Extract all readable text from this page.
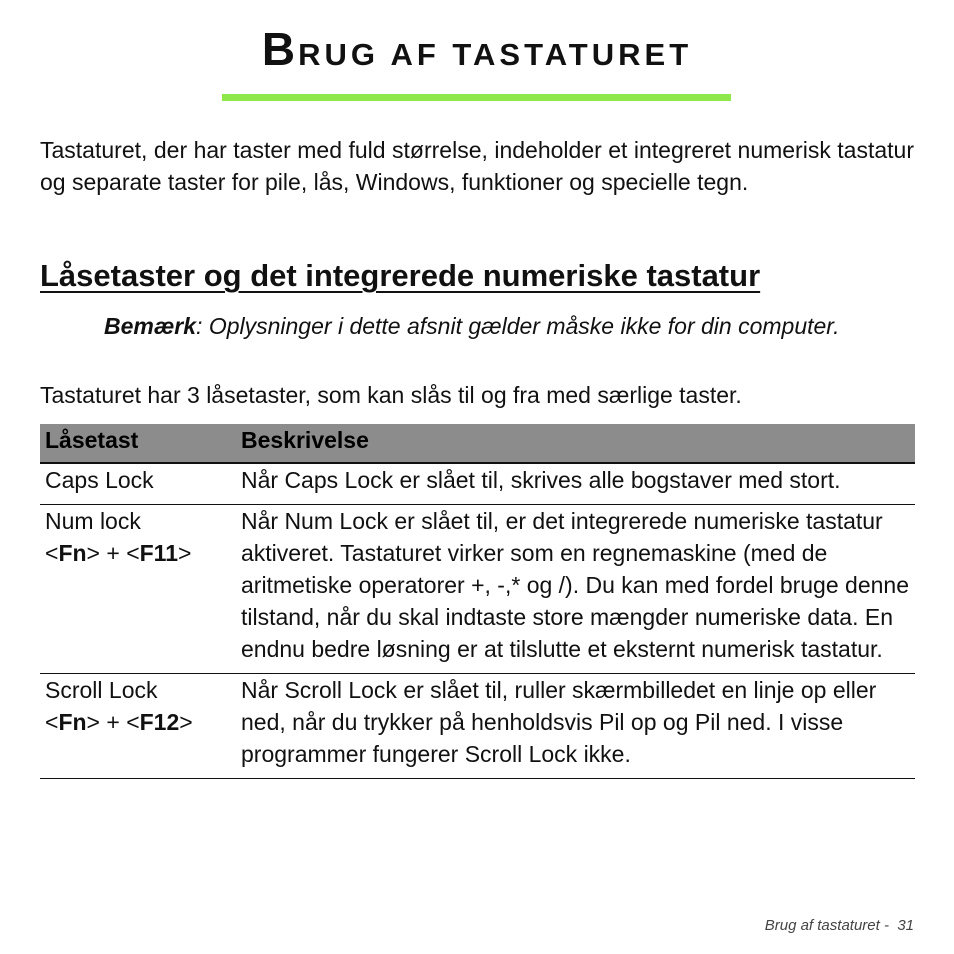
BRUG AF TASTATURET

Tastaturet, der har taster med fuld størrelse, indeholder et integreret numerisk tastatur og separate taster for pile, lås, Windows, funktioner og specielle tegn.

Låsetaster og det integrerede numeriske tastatur

Bemærk: Oplysninger i dette afsnit gælder måske ikke for din computer.

Tastaturet har 3 låsetaster, som kan slås til og fra med særlige taster.

Låsetast	Beskrivelse

Caps Lock	Når Caps Lock er slået til, skrives alle bogstaver med stort.

Num lock
<Fn> + <F11>	Når Num Lock er slået til, er det integrerede numeriske tastatur aktiveret. Tastaturet virker som en regnemaskine (med de aritmetiske operatorer +, -,* og /). Du kan med fordel bruge denne tilstand, når du skal indtaste store mængder numeriske data. En endnu bedre løsning er at tilslutte et eksternt numerisk tastatur.

Scroll Lock
<Fn> + <F12>	Når Scroll Lock er slået til, ruller skærmbilledet en linje op eller ned, når du trykker på henholdsvis Pil op og Pil ned. I visse programmer fungerer Scroll Lock ikke.
Brug af tastaturet - 31
